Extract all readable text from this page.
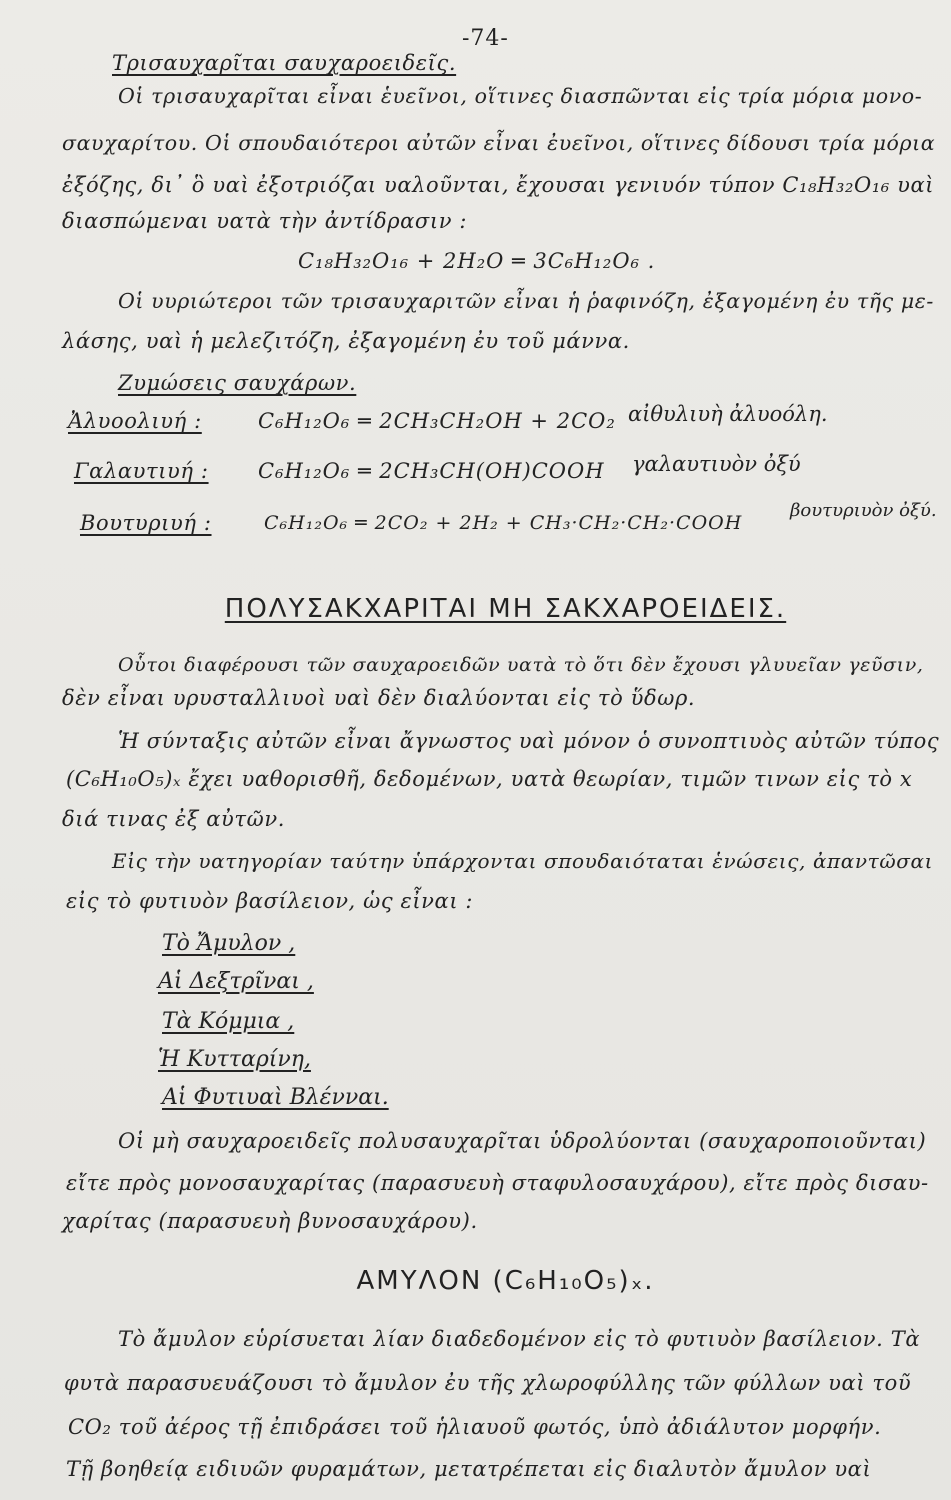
-74-
Τρισαυχαρῖται σαυχαροειδεῖς.
Οἱ τρισαυχαρῖται εἶναι ἑυεῖνοι, οἵτινες διασπῶνται εἰς τρία μόρια μονο-
σαυχαρίτου. Οἱ σπουδαιότεροι αὐτῶν εἶναι ἐυεῖνοι, οἵτινες δίδουσι τρία μόρια
ἐξόζης, δι᾽ ὃ υαὶ ἐξοτριόζαι υαλοῦνται, ἔχουσαι γενιυόν τύπον C₁₈H₃₂O₁₆ υαὶ
διασπώμεναι υατὰ τὴν ἀντίδρασιν :
C₁₈H₃₂O₁₆ + 2H₂O ═ 3C₆H₁₂O₆ .
Οἱ υυριώτεροι τῶν τρισαυχαριτῶν εἶναι ἡ ῥαφινόζη, ἐξαγομένη ἐυ τῆς με-
λάσης, υαὶ ἡ μελεζιτόζη, ἐξαγομένη ἐυ τοῦ μάννα.
Ζυμώσεις σαυχάρων.
Ἀλυοολιυή :	C₆H₁₂O₆ ═ 2CH₃CH₂OH + 2CO₂ αἰθυλιυὴ ἀλυοόλη.
Γαλαυτιυή : C₆H₁₂O₆ ═ 2CH₃CH(OH)COOH γαλαυτιυὸν ὀξύ
Βουτυριυή :	C₆H₁₂O₆ ═ 2CO₂ + 2H₂ + CH₃·CH₂·CH₂·COOH
βουτυριυὸν ὀξύ.
ΠΟΛΥΣΑΚΧΑΡΙΤΑΙ ΜΗ ΣΑΚΧΑΡΟΕΙΔΕΙΣ.
Οὗτοι διαφέρουσι τῶν σαυχαροειδῶν υατὰ τὸ ὅτι δὲν ἔχουσι γλυυεῖαν γεῦσιν,
δὲν εἶναι υρυσταλλιυοὶ υαὶ δὲν διαλύονται εἰς τὸ ὕδωρ.
Ἡ σύνταξις αὐτῶν εἶναι ἄγνωστος υαὶ μόνον ὁ συνοπτιυὸς αὐτῶν τύπος
(C₆H₁₀O₅)ₓ ἔχει υαθορισθῆ, δεδομένων, υατὰ θεωρίαν, τιμῶν τινων εἰς τὸ x
διά τινας ἐξ αὐτῶν.
Εἰς τὴν υατηγορίαν ταύτην ὑπάρχονται σπουδαιόταται ἑνώσεις, ἀπαντῶσαι
εἰς τὸ φυτιυὸν βασίλειον, ὡς εἶναι :
Τὸ Ἄμυλον ,
Αἱ Δεξτρῖναι ,
Τὰ Κόμμια ,
Ἡ Κυτταρίνη,
Αἱ Φυτιυαὶ Βλένναι.
Οἱ μὴ σαυχαροειδεῖς πολυσαυχαρῖται ὑδρολύονται (σαυχαροποιοῦνται)
εἴτε πρὸς μονοσαυχαρίτας (παρασυευὴ σταφυλοσαυχάρου), εἴτε πρὸς δισαυ-
χαρίτας (παρασυευὴ βυνοσαυχάρου).
ΑΜΥΛΟΝ (C₆H₁₀O₅)ₓ.
Τὸ ἄμυλον εὑρίσυεται λίαν διαδεδομένον εἰς τὸ φυτιυὸν βασίλειον. Τὰ
φυτὰ παρασυευάζουσι τὸ ἄμυλον ἐυ τῆς χλωροφύλλης τῶν φύλλων υαὶ τοῦ
CO₂ τοῦ ἀέρος τῇ ἐπιδράσει τοῦ ἡλιαυοῦ φωτός, ὑπὸ ἀδιάλυτον μορφήν.
Τῇ βοηθείᾳ ειδιυῶν φυραμάτων, μετατρέπεται εἰς διαλυτὸν ἄμυλον υαὶ
